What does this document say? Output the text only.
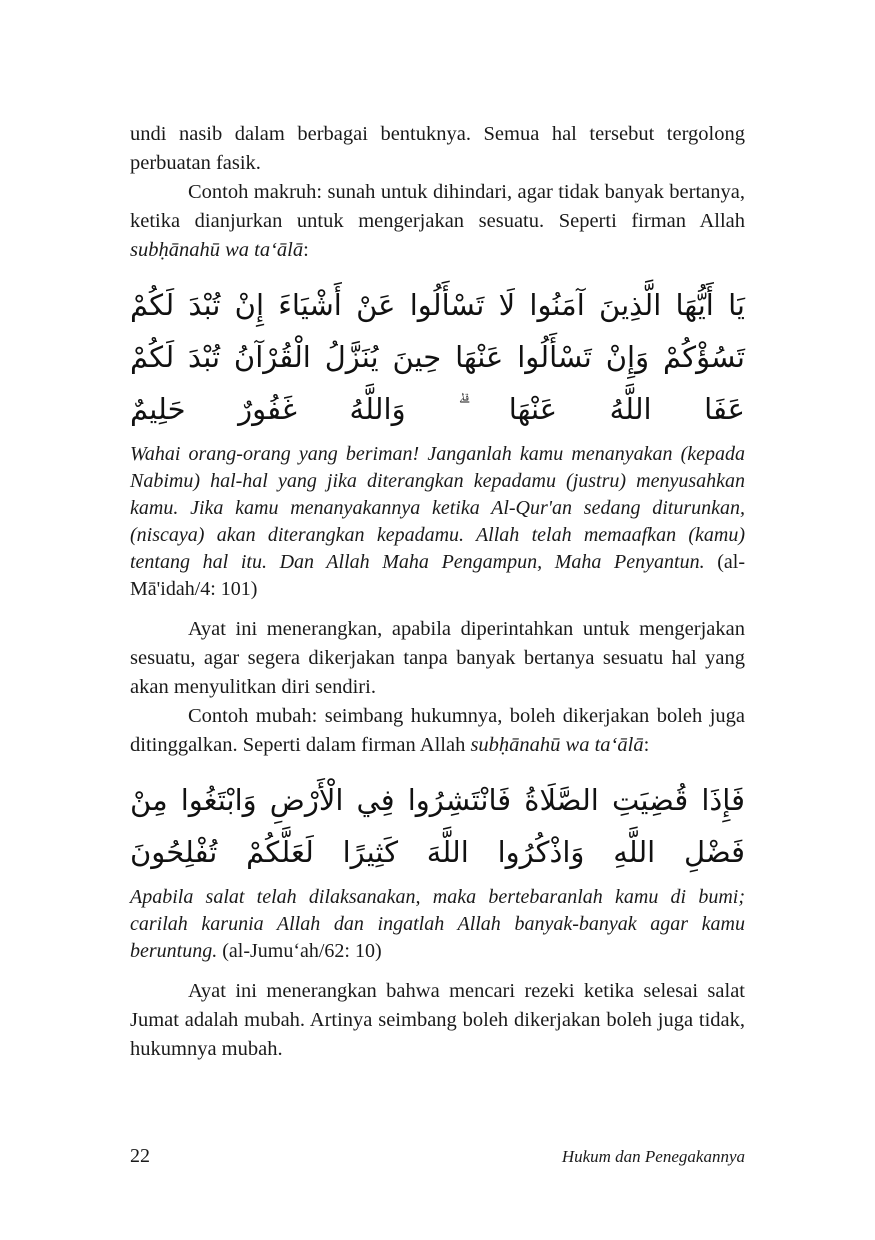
undi nasib dalam berbagai bentuknya. Semua hal tersebut tergolong perbuatan fasik.

Contoh makruh: sunah untuk dihindari, agar tidak banyak bertanya, ketika dianjurkan untuk mengerjakan sesuatu. Seperti firman Allah subḥānahū wa ta‘ālā:

يَا أَيُّهَا الَّذِينَ آمَنُوا لَا تَسْأَلُوا عَنْ أَشْيَاءَ إِنْ تُبْدَ لَكُمْ تَسُؤْكُمْ وَإِنْ تَسْأَلُوا عَنْهَا حِينَ يُنَزَّلُ الْقُرْآنُ تُبْدَ لَكُمْ عَفَا اللَّهُ عَنْهَا ۗ وَاللَّهُ غَفُورٌ حَلِيمٌ

Wahai orang-orang yang beriman! Janganlah kamu menanyakan (kepada Nabimu) hal-hal yang jika diterangkan kepadamu (justru) menyusahkan kamu. Jika kamu menanyakannya ketika Al-Qur'an sedang diturunkan, (niscaya) akan diterangkan kepadamu. Allah telah memaafkan (kamu) tentang hal itu. Dan Allah Maha Pengampun, Maha Penyantun. (al-Mā'idah/4: 101)

Ayat ini menerangkan, apabila diperintahkan untuk mengerjakan sesuatu, agar segera dikerjakan tanpa banyak bertanya sesuatu hal yang akan menyulitkan diri sendiri.

Contoh mubah: seimbang hukumnya, boleh dikerjakan boleh juga ditinggalkan. Seperti dalam firman Allah subḥānahū wa ta‘ālā:

فَإِذَا قُضِيَتِ الصَّلَاةُ فَانْتَشِرُوا فِي الْأَرْضِ وَابْتَغُوا مِنْ فَضْلِ اللَّهِ وَاذْكُرُوا اللَّهَ كَثِيرًا لَعَلَّكُمْ تُفْلِحُونَ

Apabila salat telah dilaksanakan, maka bertebaranlah kamu di bumi; carilah karunia Allah dan ingatlah Allah banyak-banyak agar kamu beruntung. (al-Jumu‘ah/62: 10)

Ayat ini menerangkan bahwa mencari rezeki ketika selesai salat Jumat adalah mubah. Artinya seimbang boleh dikerjakan boleh juga tidak, hukumnya mubah.

22	Hukum dan Penegakannya
